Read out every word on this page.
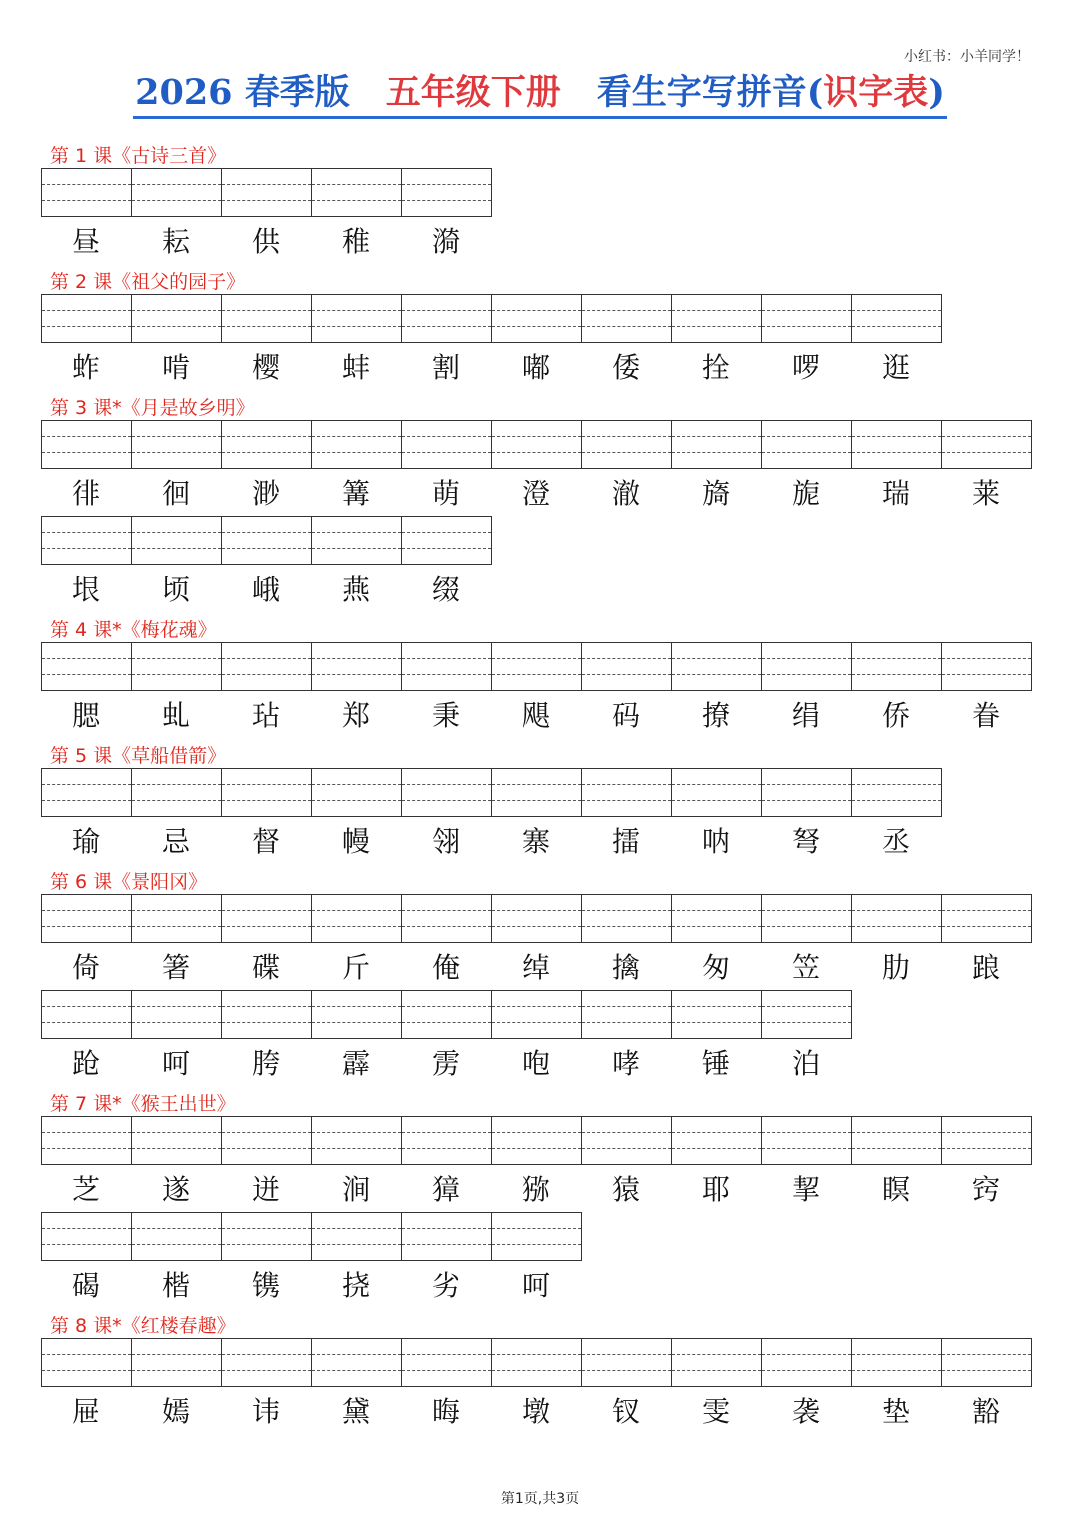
小红书：小羊同学！
2026 春季版 五年级下册 看生字写拼音(识字表)
第 1 课《古诗三首》
昼	耘	供	稚	漪
第 2 课《祖父的园子》
蚱	啃	樱	蚌	割	嘟	倭	拴	啰	逛
第 3 课*《月是故乡明》
徘	徊	渺	篝	萌	澄	澈	旖	旎	瑞	莱
垠	顷	峨	燕	缀
第 4 课*《梅花魂》
腮	虬	玷	郑	秉	飓	码	撩	绢	侨	眷
第 5 课《草船借箭》
瑜	忌	督	幔	翎	寨	擂	呐	弩	丞
第 6 课《景阳冈》
倚	箸	碟	斤	俺	绰	擒	匆	笠	肋	踉
跄	呵	胯	霹	雳	咆	哮	锤	泊
第 7 课*《猴王出世》
芝	遂	迸	涧	獐	猕	猿	耶	挈	瞑	窍
碣	楷	镌	挠	劣	呵
第 8 课*《红楼春趣》
屉	嫣	讳	黛	晦	墩	钗	雯	袭	垫	豁
第1页,共3页
